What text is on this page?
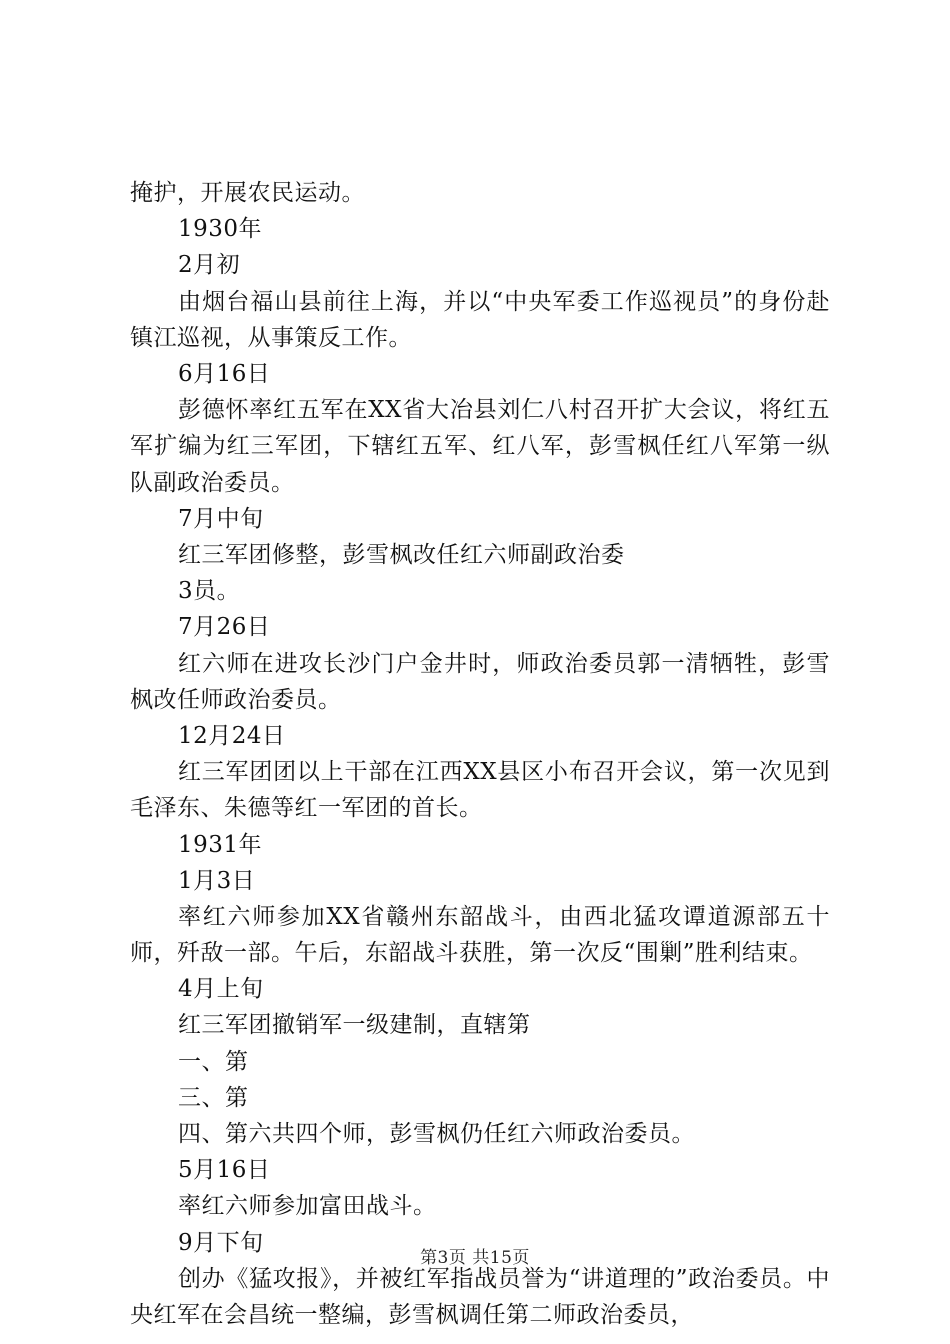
掩护，开展农民运动。
1930年
2月初
由烟台福山县前往上海，并以“中央军委工作巡视员”的身份赴镇江巡视，从事策反工作。
6月16日
彭德怀率红五军在XX省大冶县刘仁八村召开扩大会议，将红五军扩编为红三军团，下辖红五军、红八军，彭雪枫任红八军第一纵队副政治委员。
7月中旬
红三军团修整，彭雪枫改任红六师副政治委
3员。
7月26日
红六师在进攻长沙门户金井时，师政治委员郭一清牺牲，彭雪枫改任师政治委员。
12月24日
红三军团团以上干部在江西XX县区小布召开会议，第一次见到毛泽东、朱德等红一军团的首长。
1931年
1月3日
率红六师参加XX省赣州东韶战斗，由西北猛攻谭道源部五十师，歼敌一部。午后，东韶战斗获胜，第一次反“围剿”胜利结束。
4月上旬
红三军团撤销军一级建制，直辖第
一、第
三、第
四、第六共四个师，彭雪枫仍任红六师政治委员。
5月16日
率红六师参加富田战斗。
9月下旬
创办《猛攻报》，并被红军指战员誉为“讲道理的”政治委员。中央红军在会昌统一整编，彭雪枫调任第二师政治委员，
第3页 共15页
